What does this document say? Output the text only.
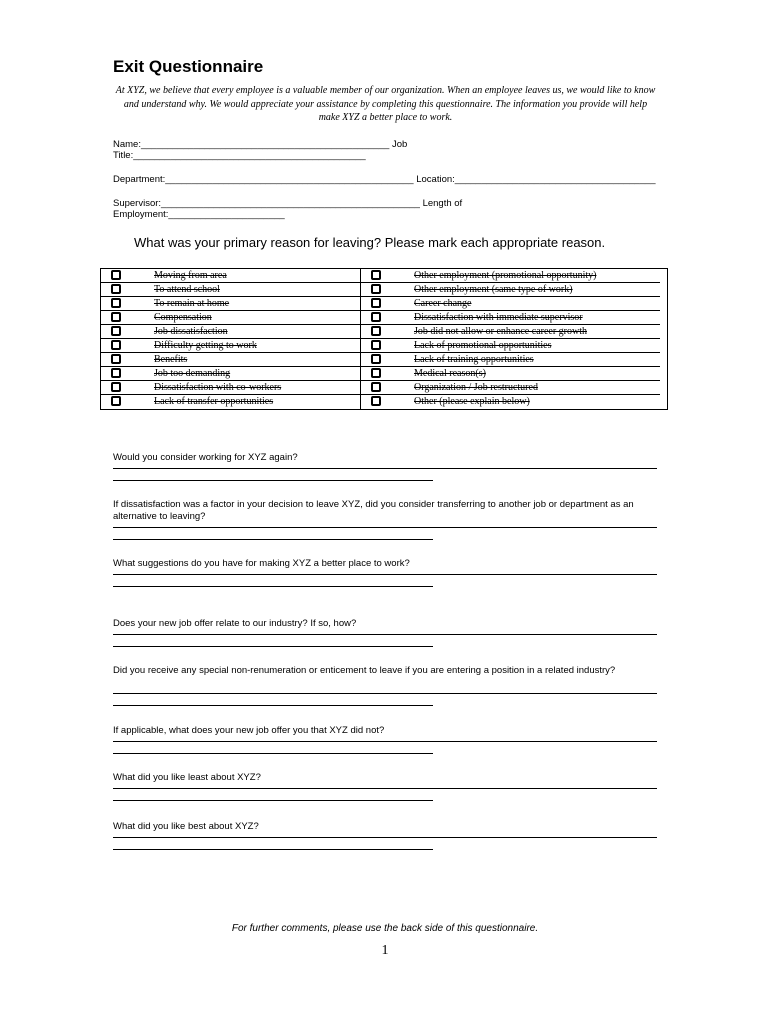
Exit Questionnaire
At XYZ, we believe that every employee is a valuable member of our organization. When an employee leaves us, we would like to know and understand why. We would appreciate your assistance by completing this questionnaire. The information you provide will help make XYZ a better place to work.
Name:_______________________________________________ Job
Title:____________________________________________
Department:_______________________________________________ Location:______________________________________
Supervisor:_________________________________________________ Length of
Employment:______________________
What was your primary reason for leaving? Please mark each appropriate reason.
Moving from area
To attend school
To remain at home
Compensation
Job dissatisfaction
Difficulty getting to work
Benefits
Job too demanding
Dissatisfaction with co-workers
Lack of transfer opportunities
Other employment (promotional opportunity)
Other employment (same type of work)
Career change
Dissatisfaction with immediate supervisor
Job did not allow or enhance career growth
Lack of promotional opportunities
Lack of training opportunities
Medical reason(s)
Organization / Job restructured
Other (please explain below)
Would you consider working for XYZ again?
If dissatisfaction was a factor in your decision to leave XYZ, did you consider transferring to another job or department as an alternative to leaving?
What suggestions do you have for making XYZ a better place to work?
Does your new job offer relate to our industry? If so, how?
Did you receive any special non-renumeration or enticement to leave if you are entering a position in a related industry?
If applicable, what does your new job offer you that XYZ did not?
What did you like least about XYZ?
What did you like best about XYZ?
For further comments, please use the back side of this questionnaire.
1
